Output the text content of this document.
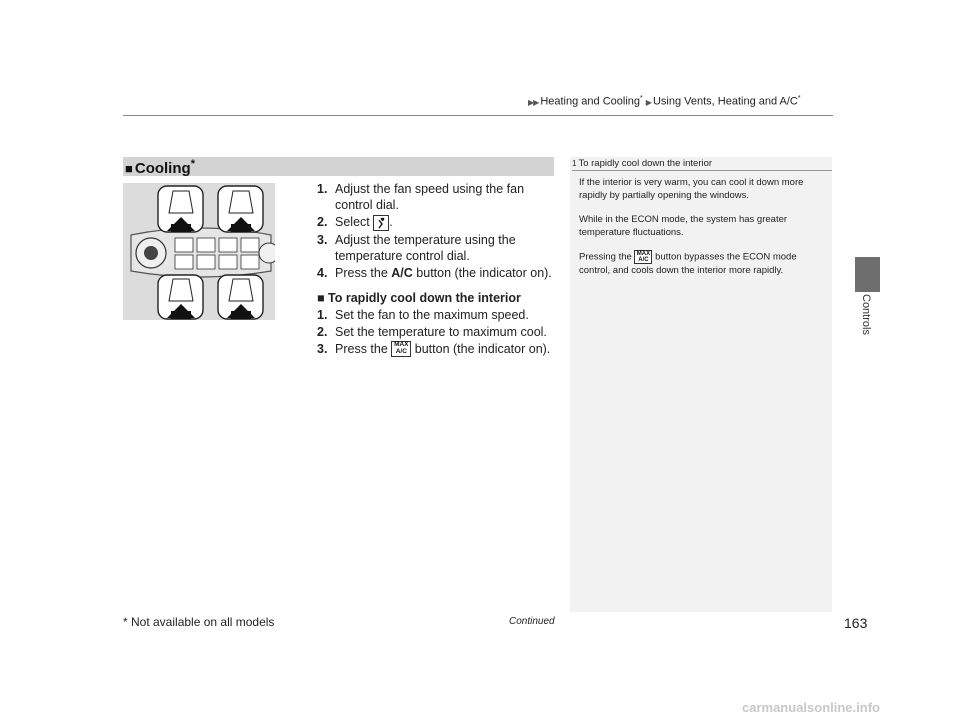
▶▶ Heating and Cooling* ▶ Using Vents, Heating and A/C*
Controls
■ Cooling*
1. Adjust the fan speed using the fan control dial.
2. Select .
3. Adjust the temperature using the temperature control dial.
4. Press the A/C button (the indicator on).
■ To rapidly cool down the interior
1. Set the fan to the maximum speed.
2. Set the temperature to maximum cool.
3. Press the MAX
A/C button (the indicator on).
1 To rapidly cool down the interior

If the interior is very warm, you can cool it down more rapidly by partially opening the windows.

While in the ECON mode, the system has greater temperature fluctuations.

Pressing the MAX
A/C button bypasses the ECON mode control, and cools down the interior more rapidly.

Continued	163
* Not available on all models
carmanualsonline.info
